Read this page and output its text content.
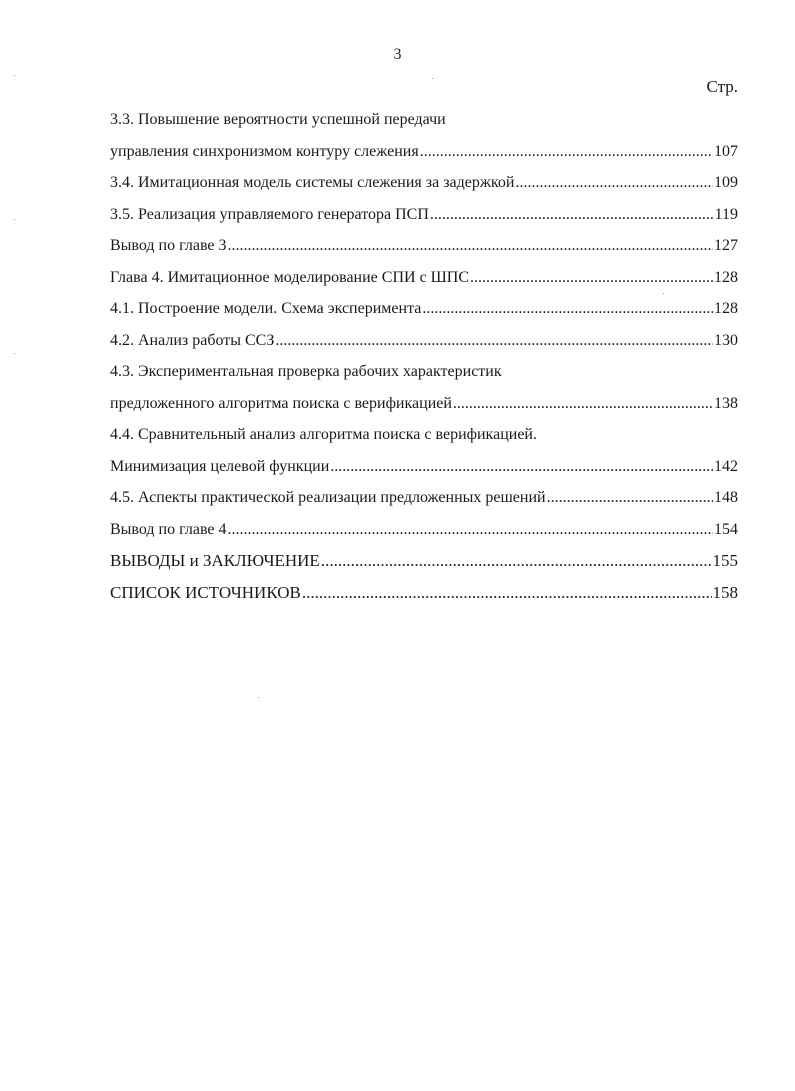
3
Стр.
3.3. Повышение вероятности успешной передачи
управления синхронизмом контуру слежения .....	107
3.4. Имитационная модель системы слежения за задержкой .....	109
3.5. Реализация управляемого генератора ПСП .....	119
Вывод по главе 3 .....	127
Глава 4. Имитационное моделирование СПИ с ШПС .....	128
4.1. Построение модели. Схема эксперимента .....	128
4.2. Анализ работы ССЗ .....	130
4.3. Экспериментальная проверка рабочих характеристик
предложенного алгоритма поиска с верификацией .....	138
4.4. Сравнительный анализ алгоритма поиска с верификацией.
Минимизация целевой функции .....	142
4.5. Аспекты практической реализации предложенных решений .....	148
Вывод по главе 4 .....	154
ВЫВОДЫ и ЗАКЛЮЧЕНИЕ .....	155
СПИСОК ИСТОЧНИКОВ .....	158
